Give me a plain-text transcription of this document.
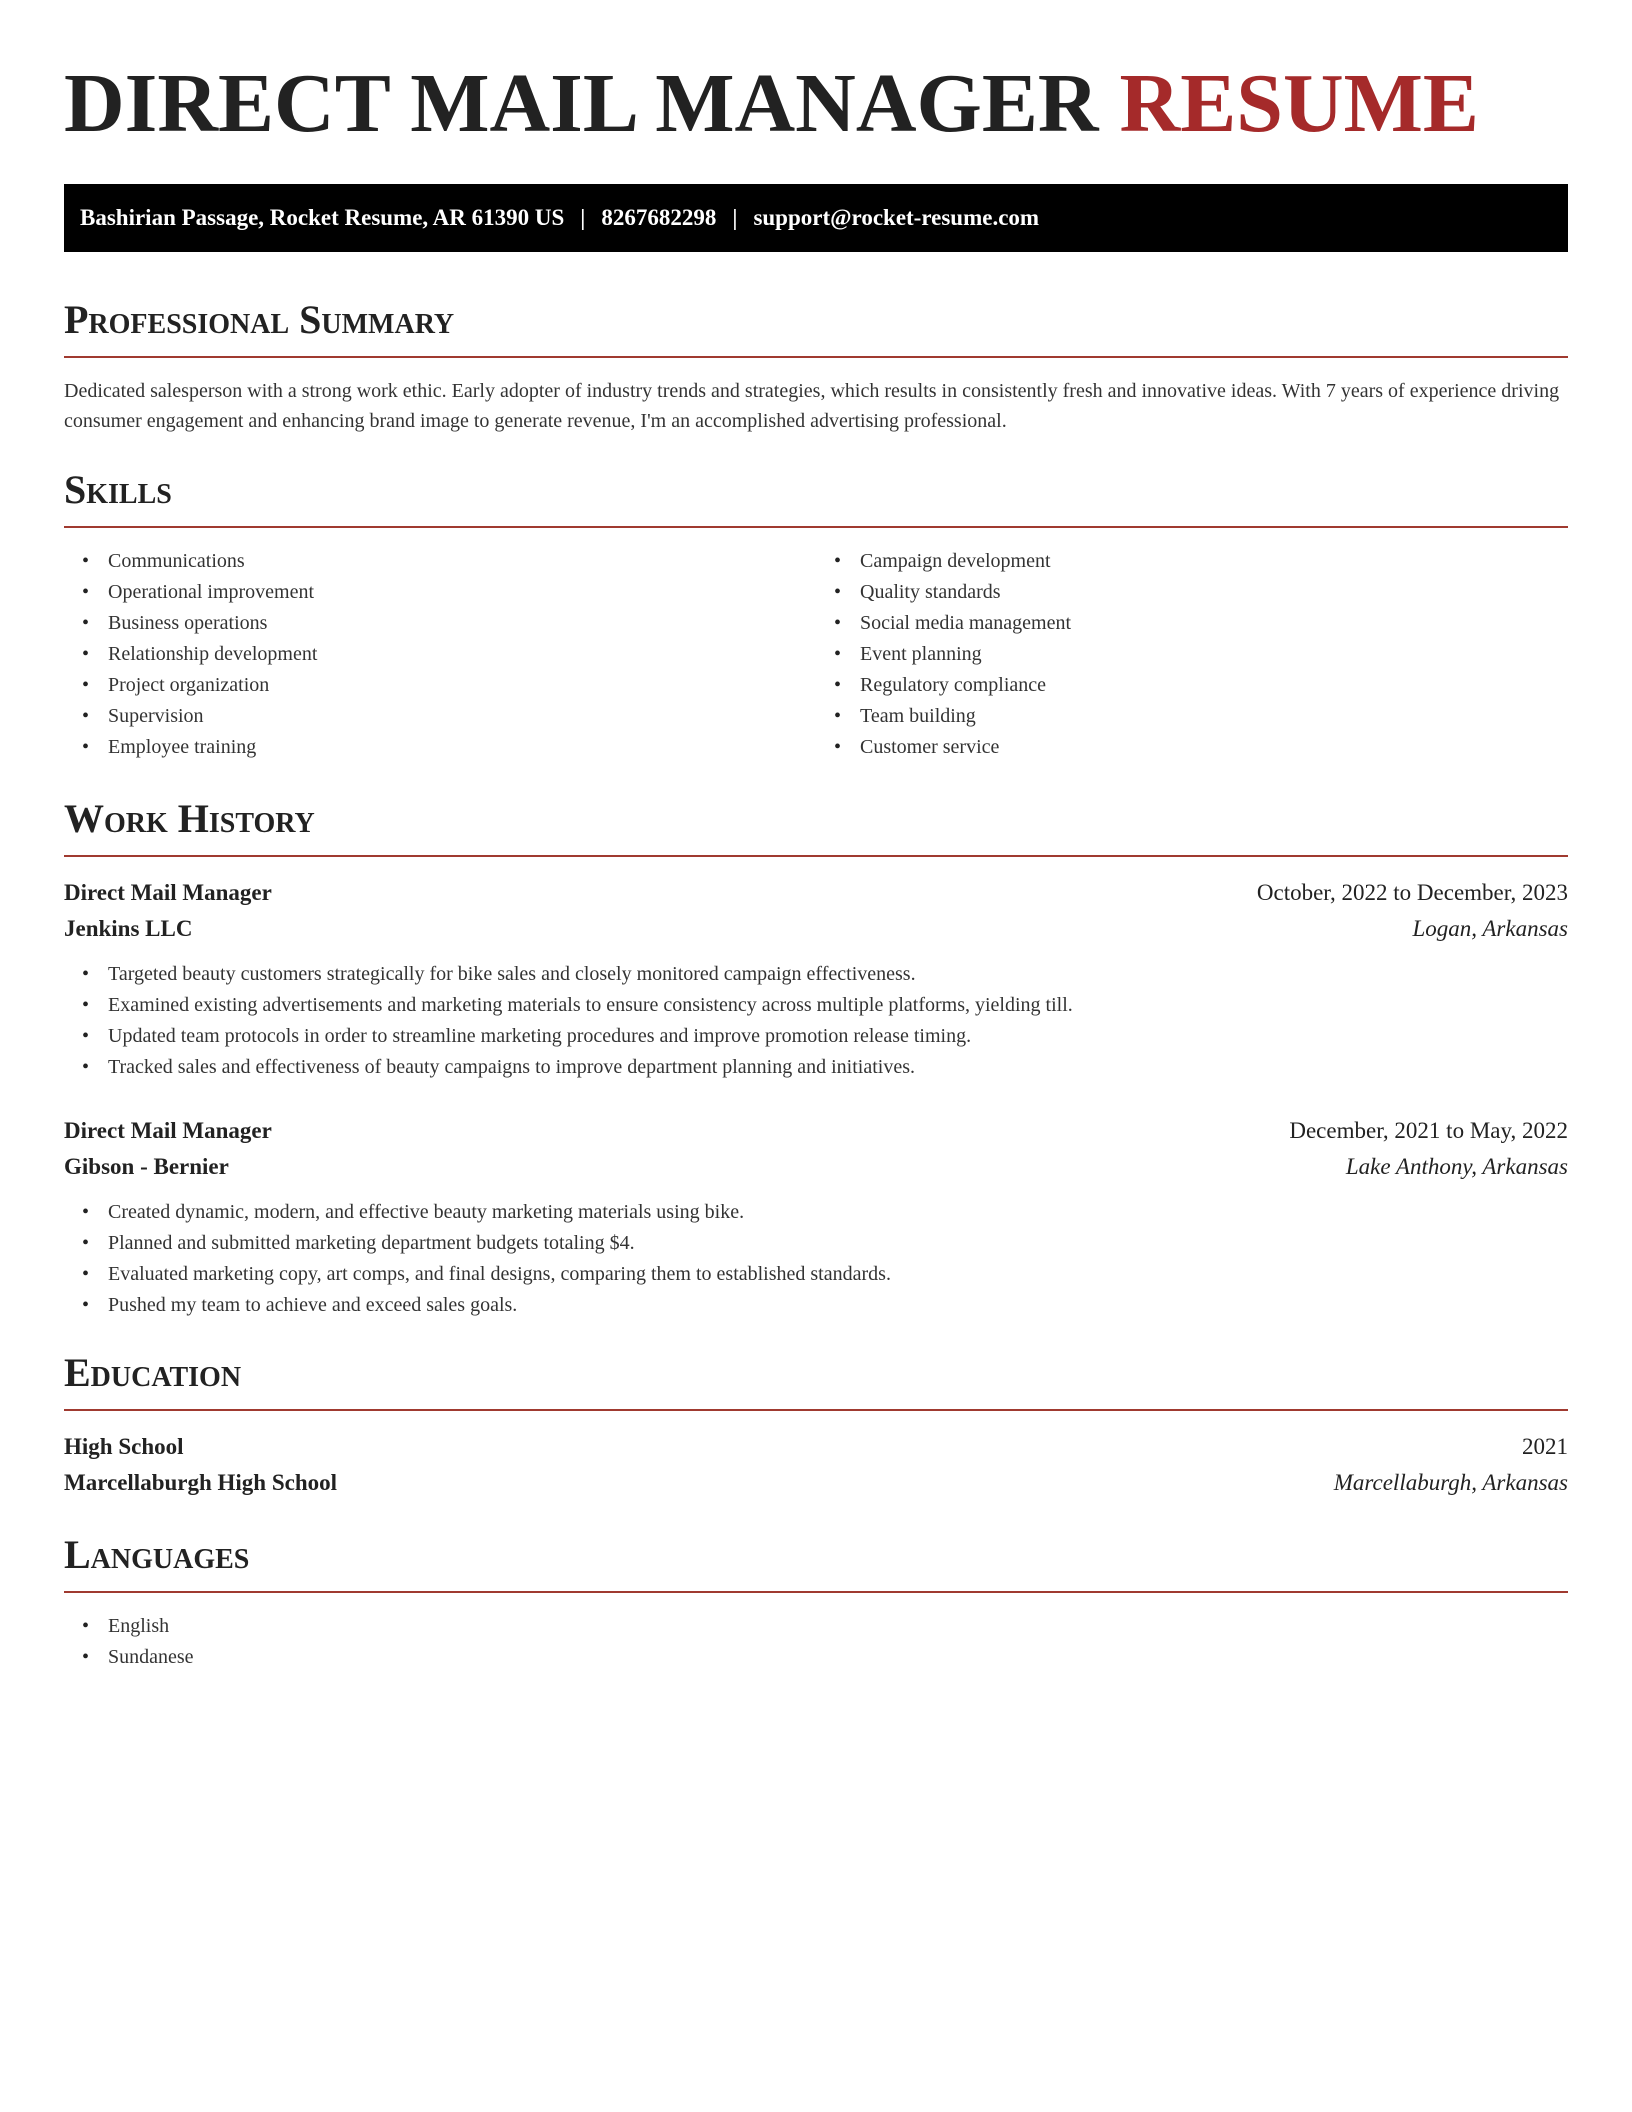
DIRECT MAIL MANAGER RESUME
Bashirian Passage, Rocket Resume, AR 61390 US | 8267682298 | support@rocket-resume.com
Professional Summary

Dedicated salesperson with a strong work ethic. Early adopter of industry trends and strategies, which results in consistently fresh and innovative ideas. With 7 years of experience driving consumer engagement and enhancing brand image to generate revenue, I'm an accomplished advertising professional.

Skills
• Communications
• Operational improvement
• Business operations
• Relationship development
• Project organization
• Supervision
• Employee training
• Campaign development
• Quality standards
• Social media management
• Event planning
• Regulatory compliance
• Team building
• Customer service
Work History
Direct Mail Manager	October, 2022 to December, 2023
Jenkins LLC	Logan, Arkansas
• Targeted beauty customers strategically for bike sales and closely monitored campaign effectiveness.
• Examined existing advertisements and marketing materials to ensure consistency across multiple platforms, yielding till.
• Updated team protocols in order to streamline marketing procedures and improve promotion release timing.
• Tracked sales and effectiveness of beauty campaigns to improve department planning and initiatives.
Direct Mail Manager	December, 2021 to May, 2022
Gibson - Bernier	Lake Anthony, Arkansas
• Created dynamic, modern, and effective beauty marketing materials using bike.
• Planned and submitted marketing department budgets totaling $4.
• Evaluated marketing copy, art comps, and final designs, comparing them to established standards.
• Pushed my team to achieve and exceed sales goals.
Education
High School	2021
Marcellaburgh High School	Marcellaburgh, Arkansas
Languages
• English
• Sundanese
